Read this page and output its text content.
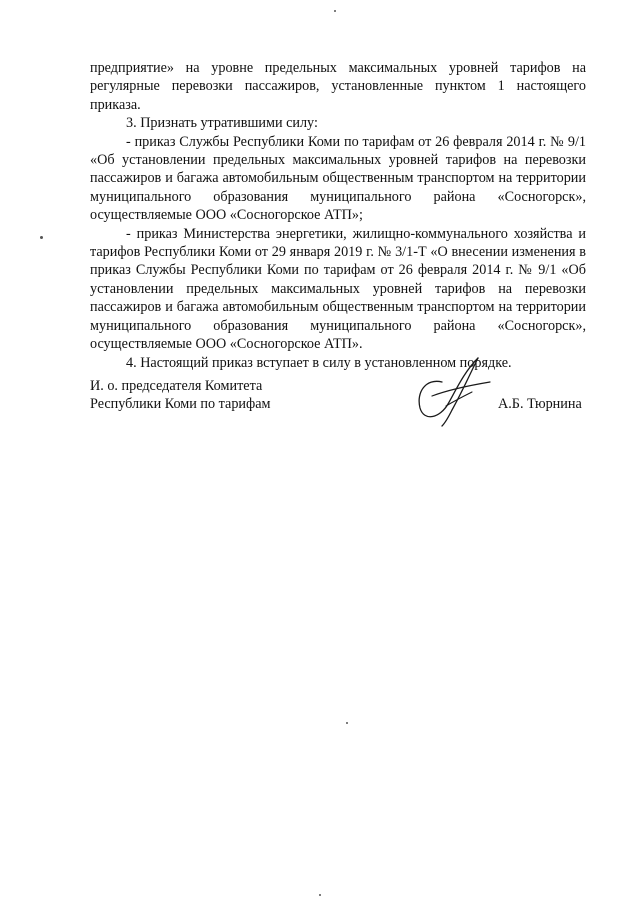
предприятие» на уровне предельных максимальных уровней тарифов на регулярные перевозки пассажиров, установленные пунктом 1 настоящего приказа.

3. Признать утратившими силу:

- приказ Службы Республики Коми по тарифам от 26 февраля 2014 г. № 9/1 «Об установлении предельных максимальных уровней тарифов на перевозки пассажиров и багажа автомобильным общественным транспортом на территории муниципального образования муниципального района «Сосногорск», осуществляемые ООО «Сосногорское АТП»;

- приказ Министерства энергетики, жилищно-коммунального хозяйства и тарифов Республики Коми от 29 января 2019 г. № 3/1-Т «О внесении изменения в приказ Службы Республики Коми по тарифам от 26 февраля 2014 г. № 9/1 «Об установлении предельных максимальных уровней тарифов на перевозки пассажиров и багажа автомобильным общественным транспортом на территории муниципального образования муниципального района «Сосногорск», осуществляемые ООО «Сосногорское АТП».

4. Настоящий приказ вступает в силу в установленном порядке.

И. о. председателя Комитета
Республики Коми по тарифам	А.Б. Тюрнина
